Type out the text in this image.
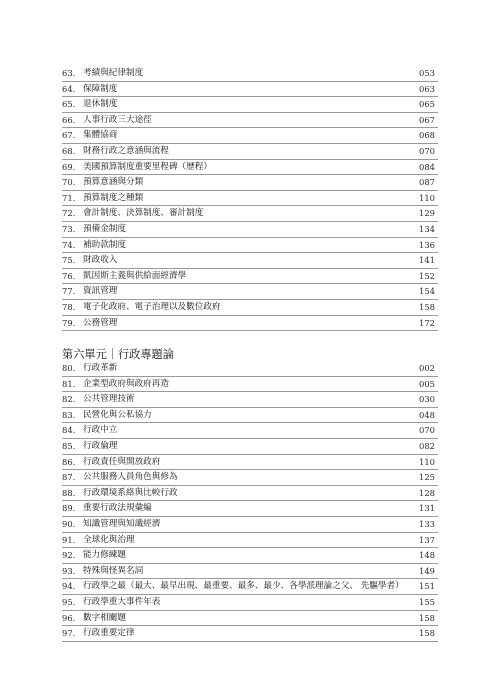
63. 考績與紀律制度	053
64. 保障制度	063
65. 退休制度	065
66. 人事行政三大途徑	067
67. 集體協商	068
68. 財務行政之意涵與流程	070
69. 美國預算制度重要里程碑（歷程）	084
70. 預算意涵與分類	087
71. 預算制度之種類	110
72. 會計制度、決算制度、審計制度	129
73. 預備金制度	134
74. 補助款制度	136
75. 財政收入	141
76. 凱因斯主義與供給面經濟學	152
77. 資訊管理	154
78. 電子化政府、電子治理以及數位政府	158
79. 公務管理	172
第六單元｜行政專題論
80. 行政革新	002
81. 企業型政府與政府再造	005
82. 公共管理技術	030
83. 民營化與公私協力	048
84. 行政中立	070
85. 行政倫理	082
86. 行政責任與開放政府	110
87. 公共服務人員角色與修為	125
88. 行政環境系絡與比較行政	128
89. 重要行政法規彙編	131
90. 知識管理與知識經濟	133
91. 全球化與治理	137
92. 能力修練題	148
93. 特殊與怪異名詞	149
94. 行政學之最（最大、最早出現、最重要、最多、最少、各學派理論之父、 先驅學者） 151
95. 行政學重大事件年表	155
96. 數字相關題	158
97. 行政重要定律	158
